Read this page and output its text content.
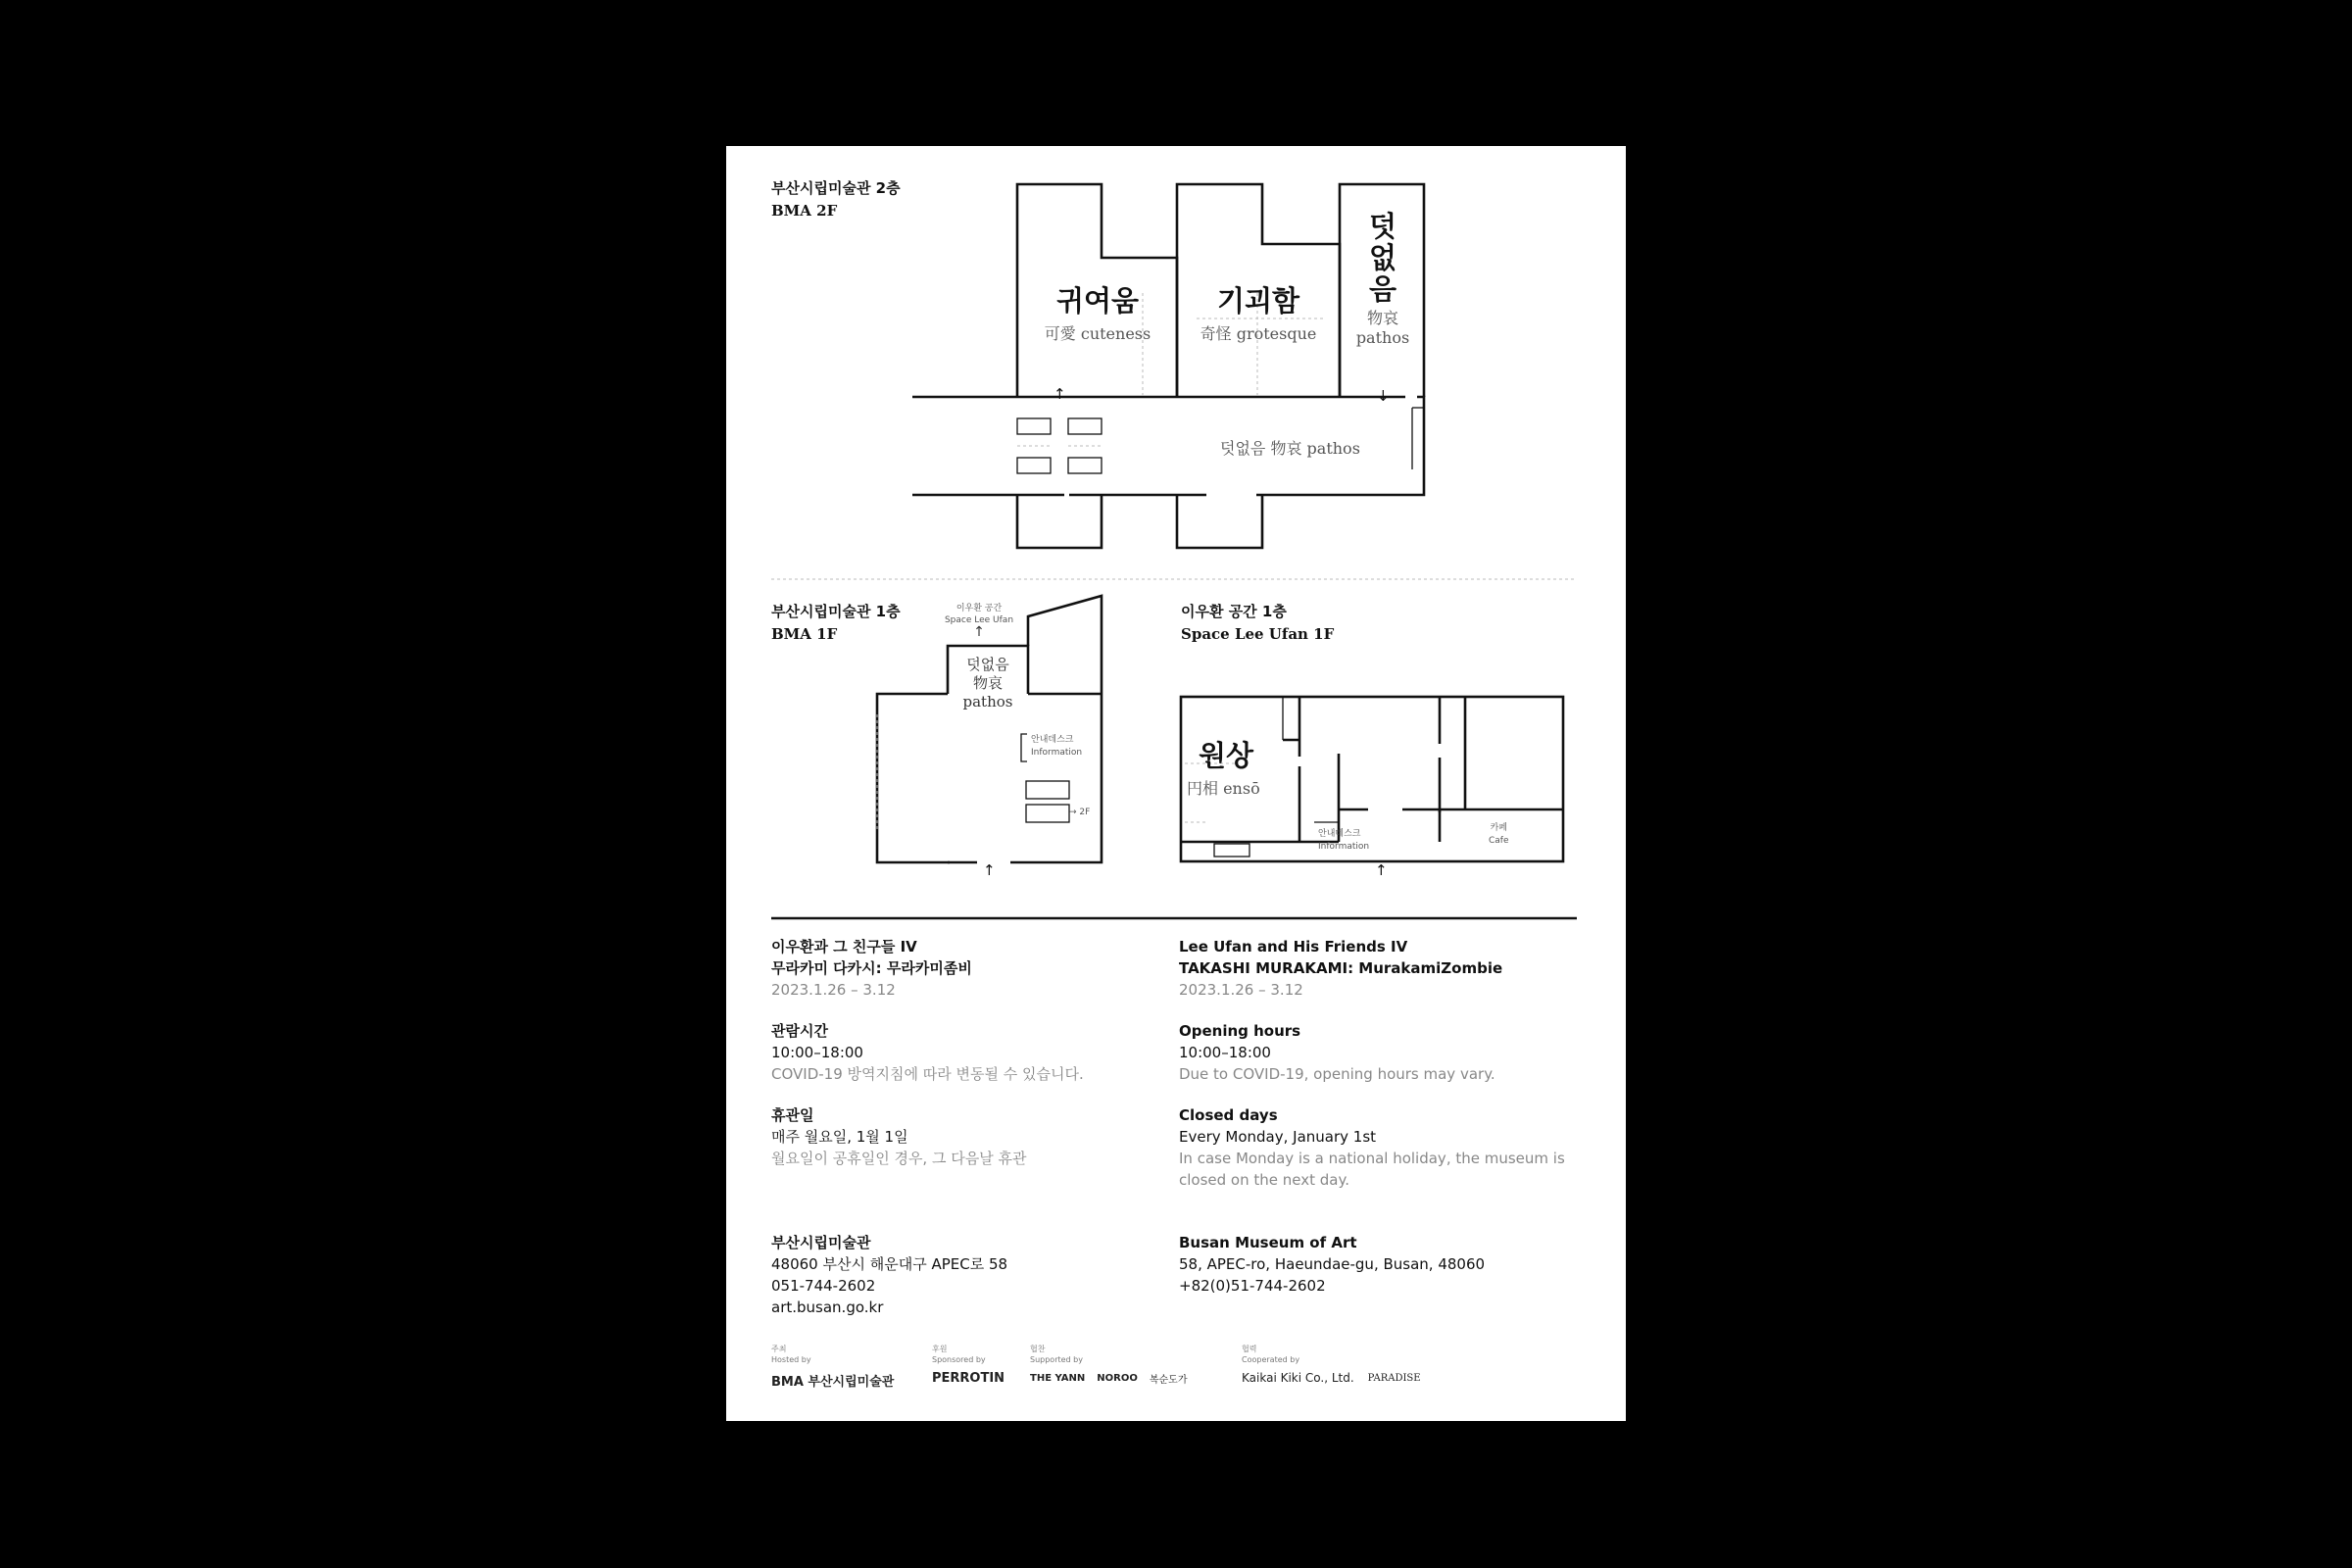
부산시립미술관 2층
BMA 2F
귀여움
可愛 cuteness
기괴함
奇怪 grotesque
덧
없
음
物哀
pathos
덧없음 物哀 pathos
↑	↓
부산시립미술관 1층
BMA 1F
이우환 공간
Space Lee Ufan
↑
덧없음
物哀
pathos
안내데스크
Information
→ 2F
↑
이우환 공간 1층
Space Lee Ufan 1F
원상
円相 ensō
안내데스크
Information
카페
Cafe
↑

이우환과 그 친구들 IV

무라카미 다카시: 무라카미좀비

2023.1.26 – 3.12

관람시간

10:00–18:00

COVID-19 방역지침에 따라 변동될 수 있습니다.

휴관일

매주 월요일, 1월 1일

월요일이 공휴일인 경우, 그 다음날 휴관

부산시립미술관

48060 부산시 해운대구 APEC로 58

051-744-2602

art.busan.go.kr

Lee Ufan and His Friends IV

TAKASHI MURAKAMI: MurakamiZombie

2023.1.26 – 3.12

Opening hours

10:00–18:00

Due to COVID-19, opening hours may vary.

Closed days

Every Monday, January 1st

In case Monday is a national holiday, the museum is

closed on the next day.

Busan Museum of Art

58, APEC-ro, Haeundae-gu, Busan, 48060

+82(0)51-744-2602

주최
Hosted by
BMA 부산시립미술관
후원
Sponsored by
PERROTIN
협찬
Supported by
THE YANN NOROO 복순도가
협력
Cooperated by
Kaikai Kiki Co., Ltd. PARADISE
